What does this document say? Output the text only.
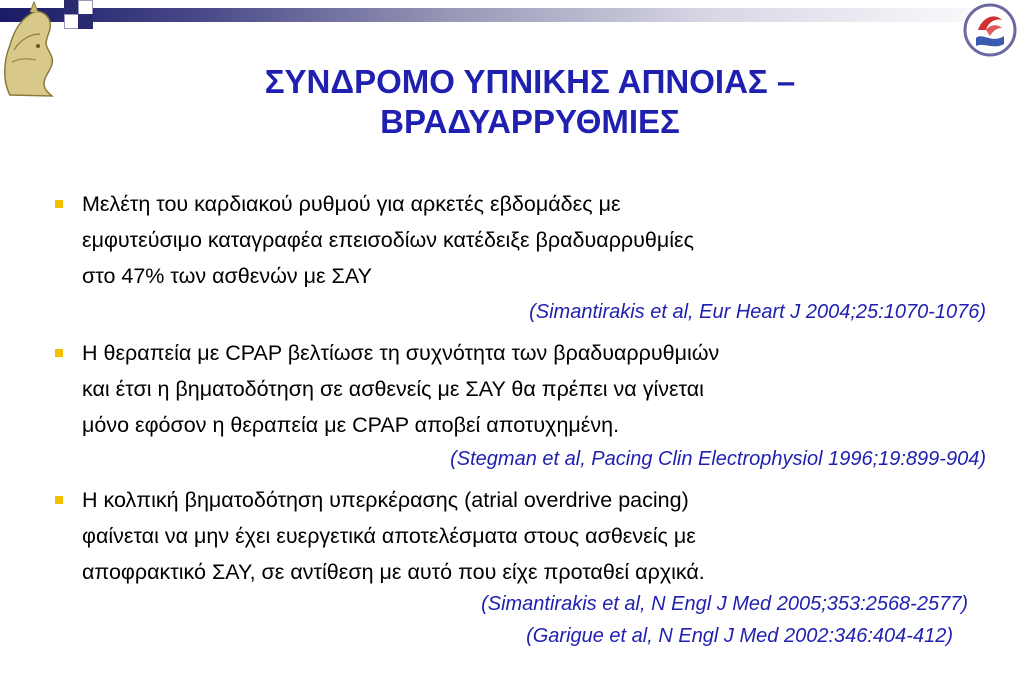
ΣΥΝΔΡΟΜΟ ΥΠΝΙΚΗΣ ΑΠΝΟΙΑΣ –
ΒΡΑΔΥΑΡΡΥΘΜΙΕΣ
Μελέτη του καρδιακού ρυθμού για αρκετές εβδομάδες με
εμφυτεύσιμο καταγραφέα επεισοδίων κατέδειξε βραδυαρρυθμίες
στο 47% των ασθενών με ΣΑΥ
(Simantirakis et al, Eur Heart J 2004;25:1070-1076)
Η θεραπεία με CPAP βελτίωσε τη συχνότητα των βραδυαρρυθμιών
και έτσι η βηματοδότηση σε ασθενείς με ΣΑΥ θα πρέπει να γίνεται
μόνο εφόσον η θεραπεία με CPAP αποβεί αποτυχημένη.
(Stegman et al, Pacing Clin Electrophysiol 1996;19:899-904)
Η κολπική βηματοδότηση υπερκέρασης (atrial overdrive pacing)
φαίνεται να μην έχει ευεργετικά αποτελέσματα στους ασθενείς με
αποφρακτικό ΣΑΥ, σε αντίθεση με αυτό που είχε προταθεί αρχικά.
(Simantirakis et al, N Engl J Med 2005;353:2568-2577)
(Garigue et al, N Engl J Med 2002:346:404-412)
